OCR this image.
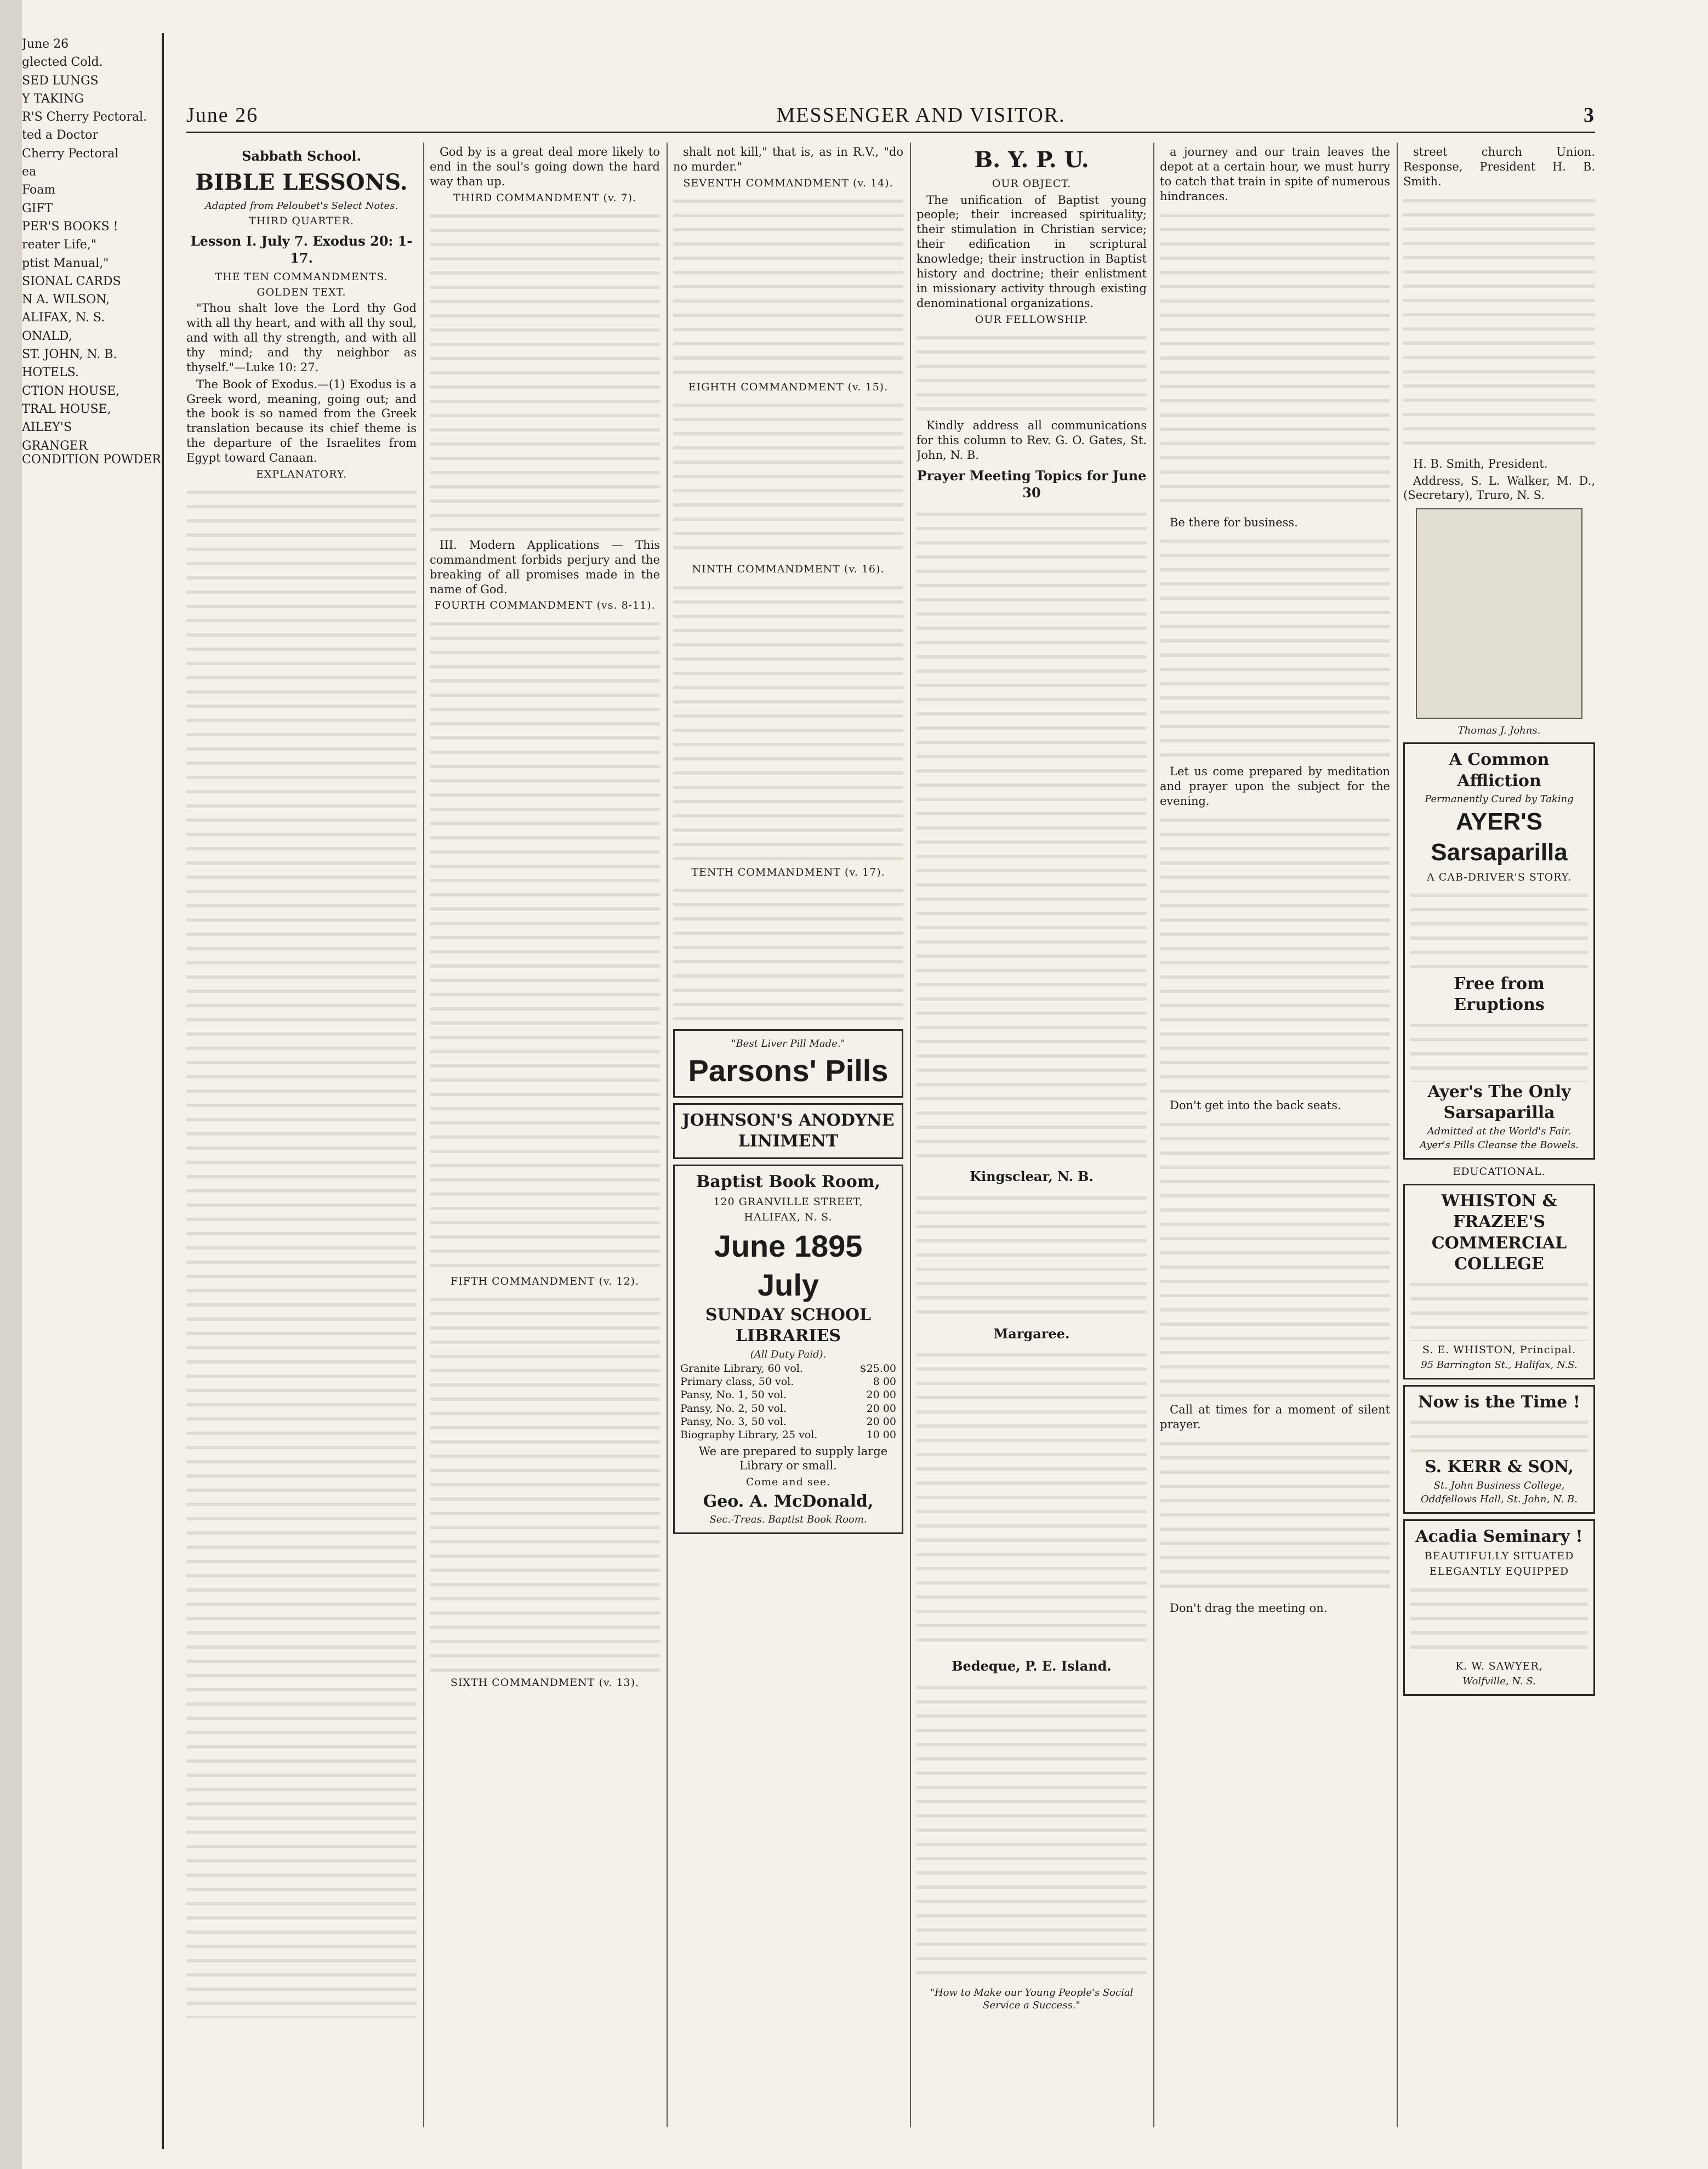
June 26
glected Cold.
SED LUNGS
Y TAKING
R'S Cherry Pectoral.
ted a Doctor
Cherry Pectoral
ea
Foam
GIFT
PER'S BOOKS !
reater Life,"
ptist Manual,"
SIONAL CARDS
N A. WILSON,
ALIFAX, N. S.
ONALD,
ST. JOHN, N. B.
HOTELS.
CTION HOUSE,
TRAL HOUSE,
AILEY'S
GRANGER CONDITION POWDER
June 26	MESSENGER AND VISITOR.	3
Sabbath School.
BIBLE LESSONS.
Adapted from Peloubet's Select Notes.
THIRD QUARTER.
Lesson I. July 7. Exodus 20: 1-17.
THE TEN COMMANDMENTS.
GOLDEN TEXT.

"Thou shalt love the Lord thy God with all thy heart, and with all thy soul, and with all thy strength, and with all thy mind; and thy neighbor as thyself."—Luke 10: 27.

The Book of Exodus.—(1) Exodus is a Greek word, meaning, going out; and the book is so named from the Greek translation because its chief theme is the departure of the Israelites from Egypt toward Canaan.

EXPLANATORY.

God by is a great deal more likely to end in the soul's going down the hard way than up.

THIRD COMMANDMENT (v. 7).

III. Modern Applications — This commandment forbids perjury and the breaking of all promises made in the name of God.

FOURTH COMMANDMENT (vs. 8-11).
FIFTH COMMANDMENT (v. 12).
SIXTH COMMANDMENT (v. 13).

shalt not kill," that is, as in R.V., "do no murder."

SEVENTH COMMANDMENT (v. 14).
EIGHTH COMMANDMENT (v. 15).
NINTH COMMANDMENT (v. 16).
TENTH COMMANDMENT (v. 17).
"Best Liver Pill Made."
Parsons' Pills
JOHNSON'S ANODYNE LINIMENT
Baptist Book Room,
120 GRANVILLE STREET,
HALIFAX, N. S.
June 1895 July
SUNDAY SCHOOL LIBRARIES
(All Duty Paid).
Granite Library, 60 vol.	$25.00
Primary class, 50 vol.	8 00
Pansy, No. 1, 50 vol.	20 00
Pansy, No. 2, 50 vol.	20 00
Pansy, No. 3, 50 vol.	20 00
Biography Library, 25 vol.	10 00

We are prepared to supply large Library or small.

Come and see.
Geo. A. McDonald,
Sec.-Treas. Baptist Book Room.
B. Y. P. U.
OUR OBJECT.

The unification of Baptist young people; their increased spirituality; their stimulation in Christian service; their edification in scriptural knowledge; their instruction in Baptist history and doctrine; their enlistment in missionary activity through existing denominational organizations.

OUR FELLOWSHIP.

Kindly address all communications for this column to Rev. G. O. Gates, St. John, N. B.

Prayer Meeting Topics for June 30
Kingsclear, N. B.
Margaree.
Bedeque, P. E. Island.
"How to Make our Young People's Social Service a Success."

a journey and our train leaves the depot at a certain hour, we must hurry to catch that train in spite of numerous hindrances.

Be there for business.

Let us come prepared by meditation and prayer upon the subject for the evening.

Don't get into the back seats.

Call at times for a moment of silent prayer.

Don't drag the meeting on.

street church Union. Response, President H. B. Smith.

H. B. Smith, President.

Address, S. L. Walker, M. D., (Secretary), Truro, N. S.

Thomas J. Johns.
A Common Affliction
Permanently Cured by Taking
AYER'S Sarsaparilla
A CAB-DRIVER'S STORY.
Free from Eruptions
Ayer's The Only Sarsaparilla
Admitted at the World's Fair.
Ayer's Pills Cleanse the Bowels.
EDUCATIONAL.
WHISTON & FRAZEE'S
COMMERCIAL COLLEGE
S. E. WHISTON, Principal.
95 Barrington St., Halifax, N.S.
Now is the Time !
S. KERR & SON,
St. John Business College,
Oddfellows Hall, St. John, N. B.
Acadia Seminary !
BEAUTIFULLY SITUATED
ELEGANTLY EQUIPPED
K. W. SAWYER,
Wolfville, N. S.
